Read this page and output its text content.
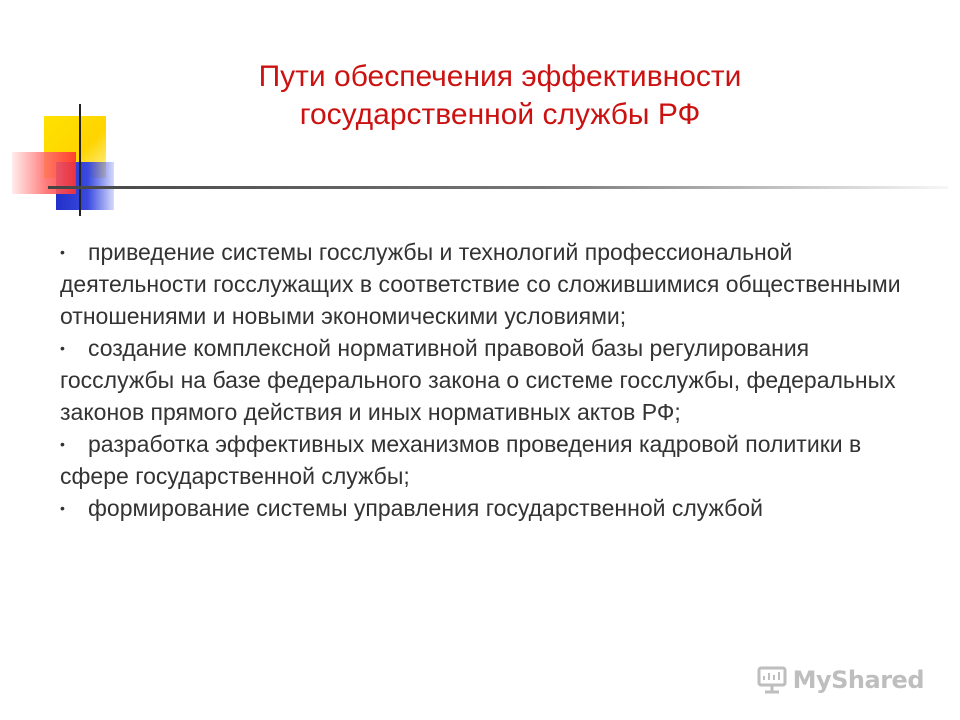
Пути обеспечения эффективности
государственной службы РФ

• приведение системы госслужбы и технологий профессиональной деятельности госслужащих в соответствие со сложившимися общественными отношениями и новыми экономическими условиями;

• создание комплексной нормативной правовой базы регулирования госслужбы на базе федерального закона о системе госслужбы, федеральных законов прямого действия и иных нормативных актов РФ;

• разработка эффективных механизмов проведения кадровой политики в сфере государственной службы;

• формирование системы управления государственной службой

MyShared
